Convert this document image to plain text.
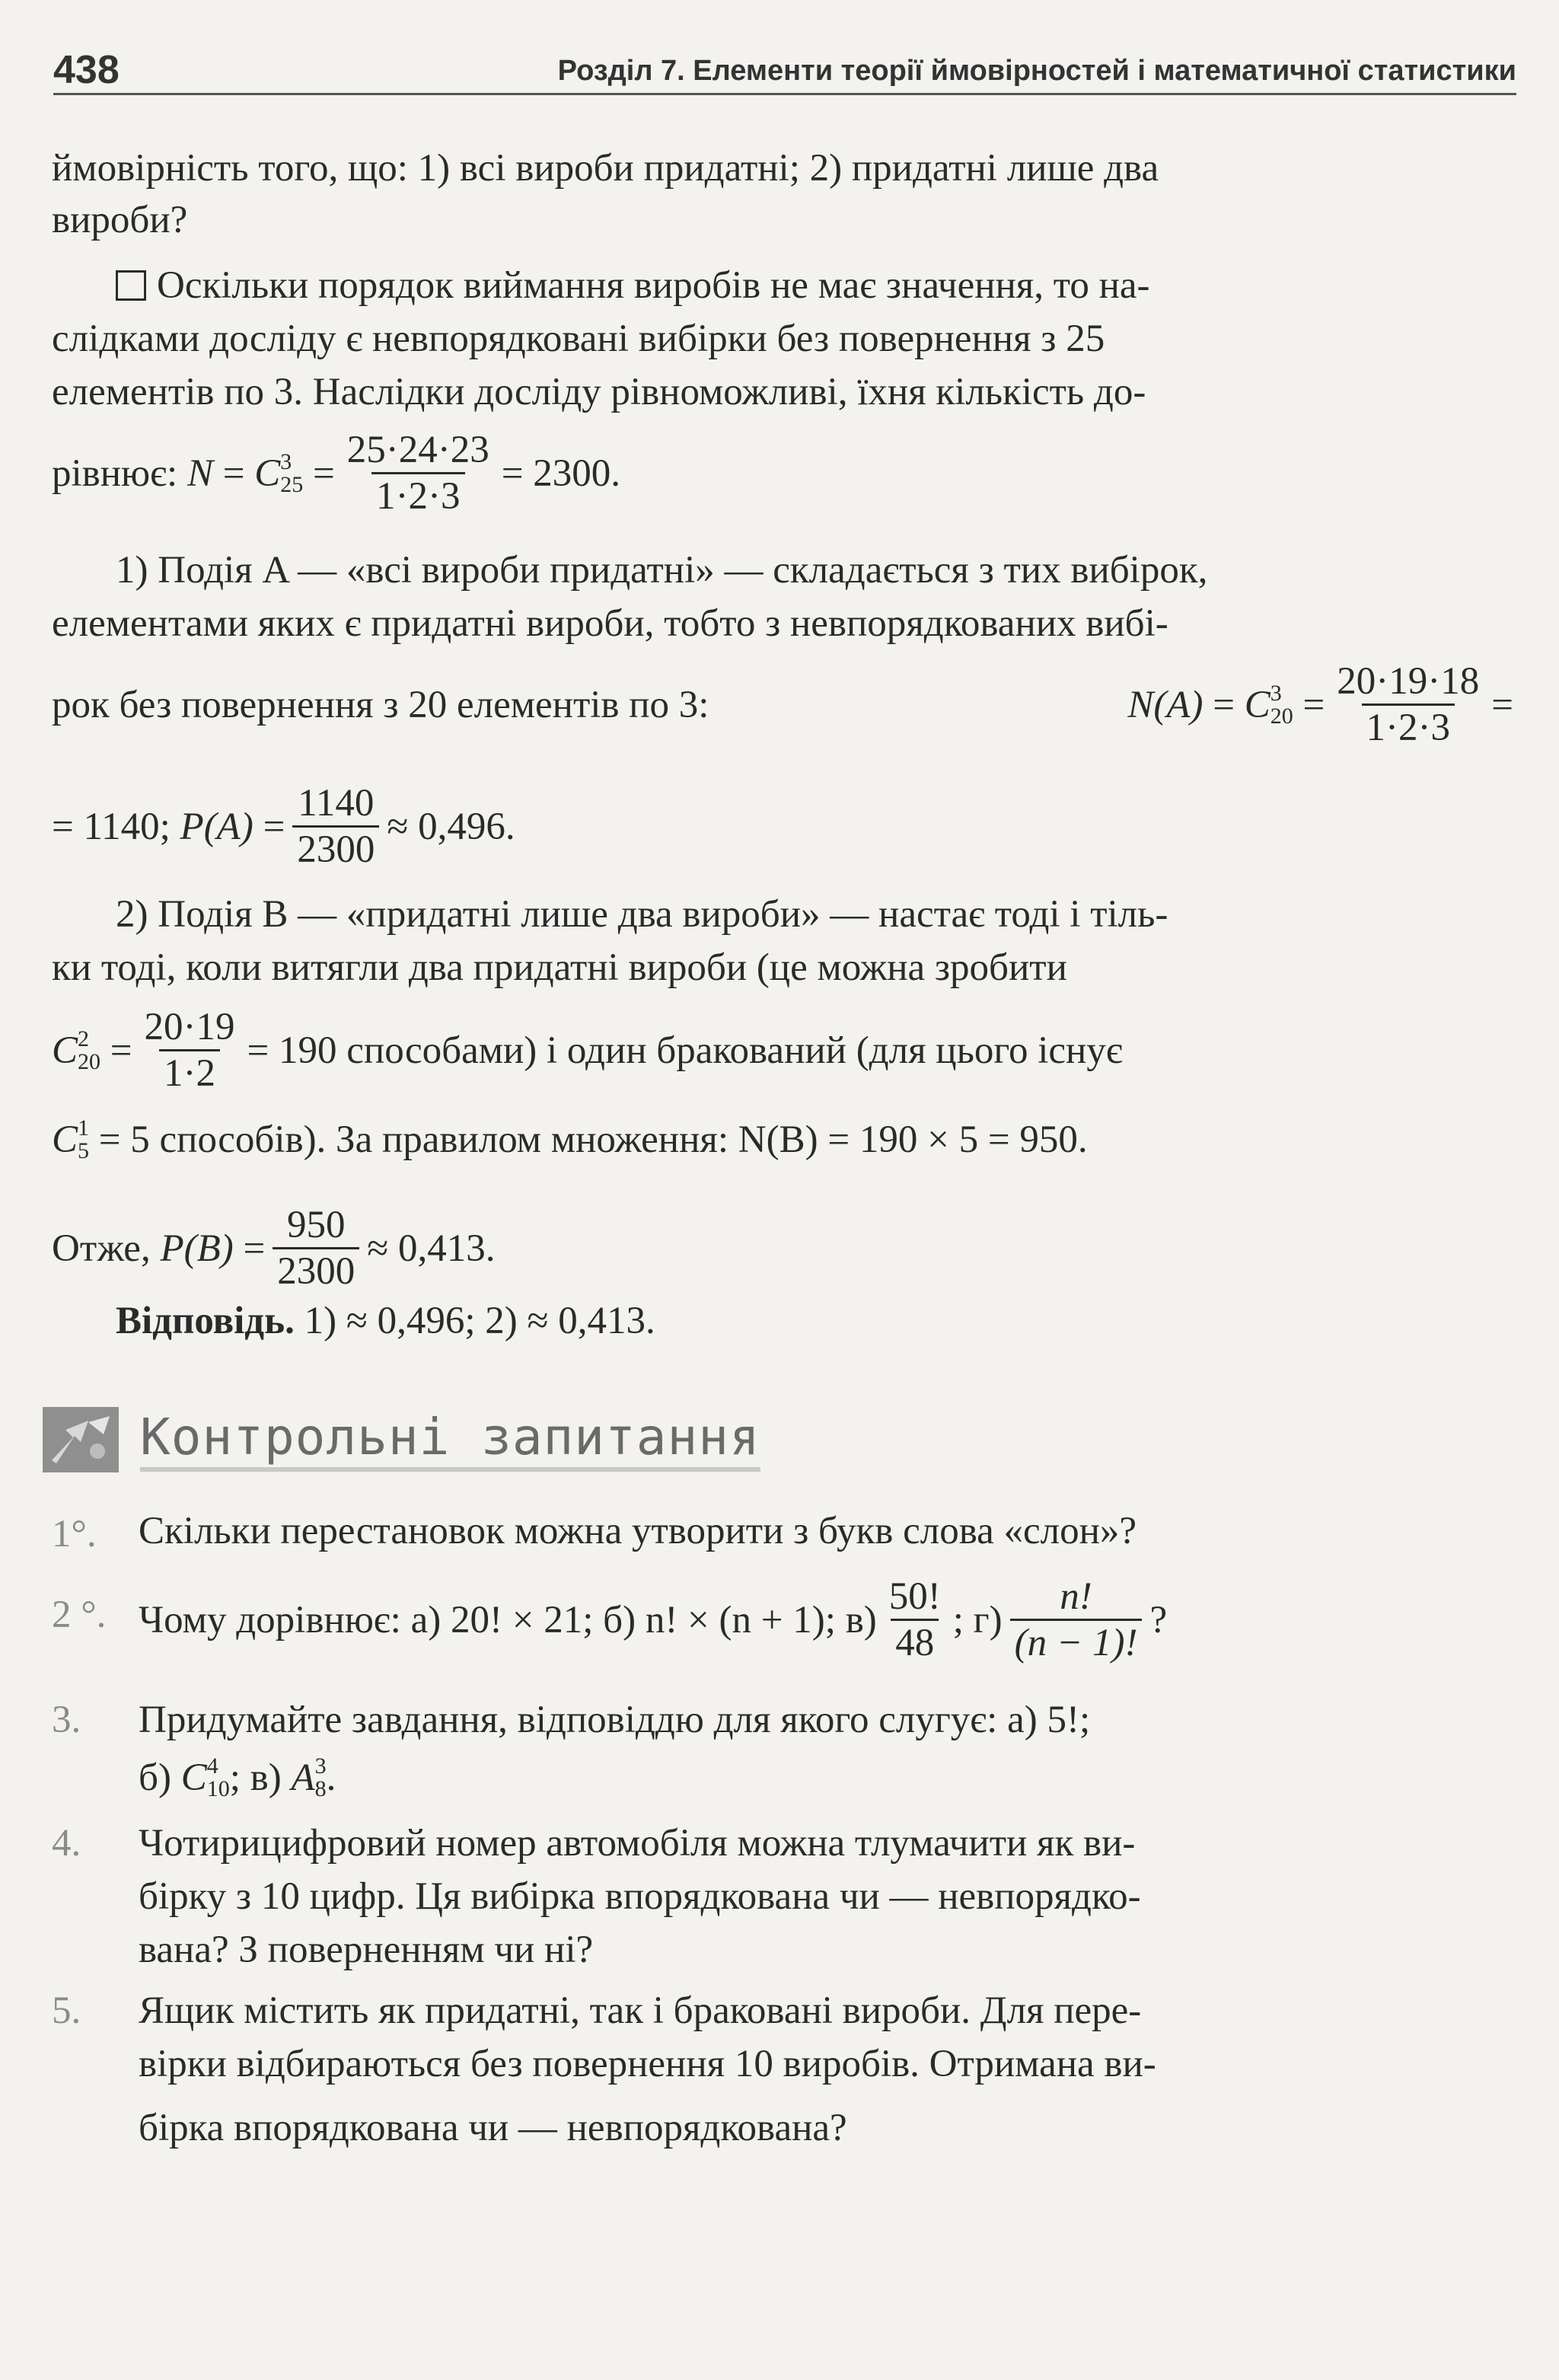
438	Розділ 7. Елементи теорії ймовірностей і математичної статистики
ймовірність того, що: 1) всі вироби придатні; 2) придатні лише два
вироби?
Оскільки порядок виймання виробів не має значення, то на-
слідками досліду є невпорядковані вибірки без повернення з 25
елементів по 3. Наслідки досліду рівноможливі, їхня кількість до-
рівнює:
N = C 3
$25 = \frac{25\cdot 24\cdot 23}{1\cdot 2\cdot 3} = 2300$.
1) Подія A — «всі вироби придатні» — складається з тих вибірок,
елементами яких є придатні вироби, тобто з невпорядкованих вибі-
рок без повернення з 20 елементів по 3:	N(A) = C 3
$20 = \frac{20\cdot 19\cdot 18}{1\cdot 2\cdot 3}$ =
= 1140;
$P(A) = \frac{1140}{2300} \approx 0,496$.
2) Подія B — «придатні лише два вироби» — настає тоді і тіль-
ки тоді, коли витягли два придатні вироби (це можна зробити
C 2
$20 = \frac{20\cdot 19}{1\cdot 2} = 190$ способами) і один бракований (для цього існує
C 1
5
= 5 способів). За правилом множення: N(B) = 190 × 5 = 950.
Отже,
$P(B) = \frac{950}{2300} \approx 0,413$.
Відповідь.
1) ≈ 0,496; 2) ≈ 0,413.
Контрольні запитання
1°. Скільки перестановок можна утворити з букв слова «слон»?
2 °. Чому дорівнює: а) 20! × 21; б) n! × (n + 1); $в) \frac{50!}{48}$ ; $г) \frac{n!}{(n - 1)!}$ ?
3. Придумайте завдання, відповіддю для якого слугує: а) 5!;
б)
C 4
10 ; в)
A 3
8 .
4. Чотирицифровий номер автомобіля можна тлумачити як ви-
бірку з 10 цифр. Ця вибірка впорядкована чи — невпорядко-
вана? З поверненням чи ні?
5. Ящик містить як придатні, так і браковані вироби. Для пере-
вірки відбираються без повернення 10 виробів. Отримана ви-
бірка впорядкована чи — невпорядкована?
